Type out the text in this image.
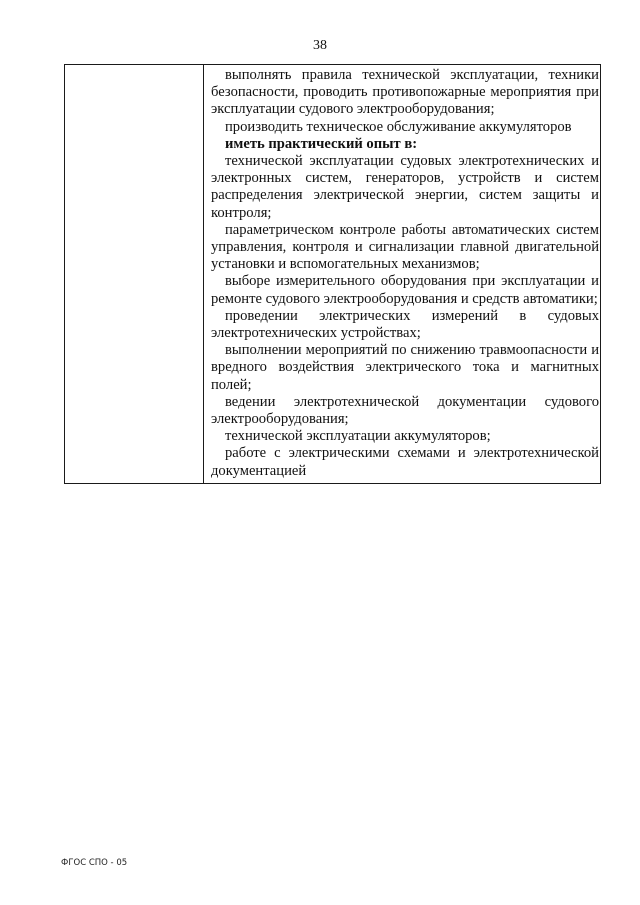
38

выполнять правила технической эксплуатации, техники безопасности, проводить противопожарные мероприятия при эксплуатации судового электрооборудования;

производить техническое обслуживание аккумуляторов

иметь практический опыт в:

технической эксплуатации судовых электротехнических и электронных систем, генераторов, устройств и систем распределения электрической энергии, систем защиты и контроля;

параметрическом контроле работы автоматических систем управления, контроля и сигнализации главной двигательной установки и вспомогательных механизмов;

выборе измерительного оборудования при эксплуатации и ремонте судового электрооборудования и средств автоматики;

проведении электрических измерений в судовых электротехнических устройствах;

выполнении мероприятий по снижению травмоопасности и вредного воздействия электрического тока и магнитных полей;

ведении электротехнической документации судового электрооборудования;

технической эксплуатации аккумуляторов;

работе с электрическими схемами и электротехнической документацией

ФГОС СПО - 05
